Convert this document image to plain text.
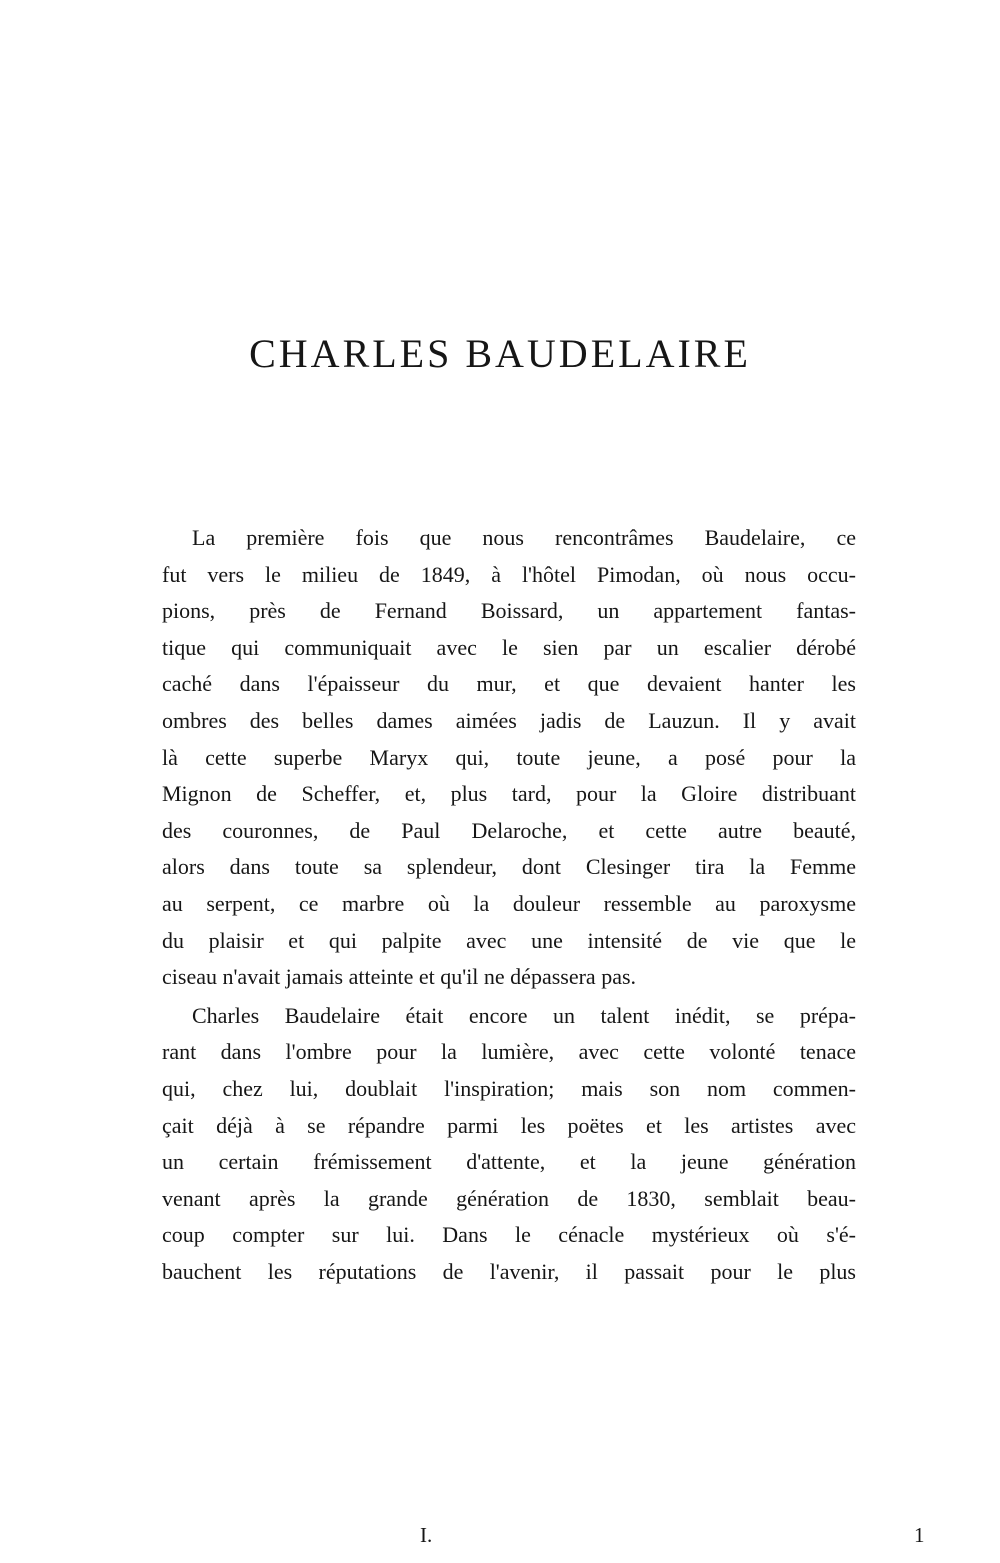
CHARLES BAUDELAIRE
La première fois que nous rencontrâmes Baudelaire, ce
fut vers le milieu de 1849, à l'hôtel Pimodan, où nous occu-
pions, près de Fernand Boissard, un appartement fantas-
tique qui communiquait avec le sien par un escalier dérobé
caché dans l'épaisseur du mur, et que devaient hanter les
ombres des belles dames aimées jadis de Lauzun. Il y avait
là cette superbe Maryx qui, toute jeune, a posé pour la
Mignon de Scheffer, et, plus tard, pour la Gloire distribuant
des couronnes, de Paul Delaroche, et cette autre beauté,
alors dans toute sa splendeur, dont Clesinger tira la Femme
au serpent, ce marbre où la douleur ressemble au paroxysme
du plaisir et qui palpite avec une intensité de vie que le
ciseau n'avait jamais atteinte et qu'il ne dépassera pas.
Charles Baudelaire était encore un talent inédit, se prépa-
rant dans l'ombre pour la lumière, avec cette volonté tenace
qui, chez lui, doublait l'inspiration; mais son nom commen-
çait déjà à se répandre parmi les poëtes et les artistes avec
un certain frémissement d'attente, et la jeune génération
venant après la grande génération de 1830, semblait beau-
coup compter sur lui. Dans le cénacle mystérieux où s'é-
bauchent les réputations de l'avenir, il passait pour le plus
I.	1
